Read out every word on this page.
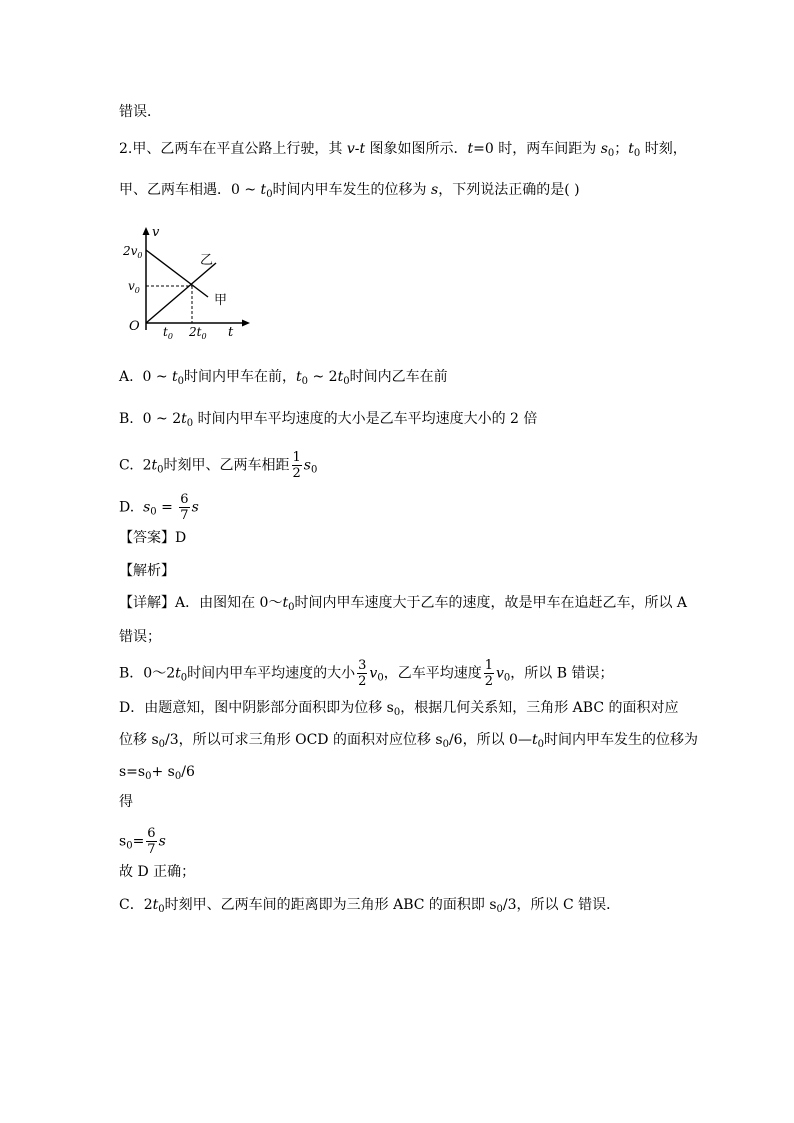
错误．
2.甲、乙两车在平直公路上行驶，其 v-t 图象如图所示．t=0 时，两车间距为 $s_0$；$t_0$ 时刻，
甲、乙两车相遇．0 ~ $t_0$时间内甲车发生的位移为 s，下列说法正确的是( )
v
t
O
$2v_0$
$v_0$
$t_0$ $2t_0$
乙
甲
A. 0 ~ $t_0$时间内甲车在前，$t_0$ ~ $2t_0$时间内乙车在前
B. 0 ~ $2t_0$ 时间内甲车平均速度的大小是乙车平均速度大小的 2 倍
C. $2t_0$时刻甲、乙两车相距 $\frac{1}{2} s_0$
D. $s_0 = \frac{6}{7}$ s
【答案】D
【解析】
【详解】A．由图知在 $0\sim t_0$时间内甲车速度大于乙车的速度，故是甲车在追赶乙车，所以 A
错误；
B．$0\sim 2t_0$时间内甲车平均速度的大小 $\frac{3}{2} v_0$，乙车平均速度 $\frac{1}{2} v_0$，所以 B 错误；
D．由题意知，图中阴影部分面积即为位移 $s_0$，根据几何关系知，三角形 ABC 的面积对应
位移 $s_0/3$，所以可求三角形 OCD 的面积对应位移 $s_0/6$，所以 $0—t_0$时间内甲车发生的位移为
$s=s_0+ s_0/6$
得
$s_0= \frac{6}{7}$ s
故 D 正确；
C．$2t_0$时刻甲、乙两车间的距离即为三角形 ABC 的面积即 $s_0/3$，所以 C 错误．
